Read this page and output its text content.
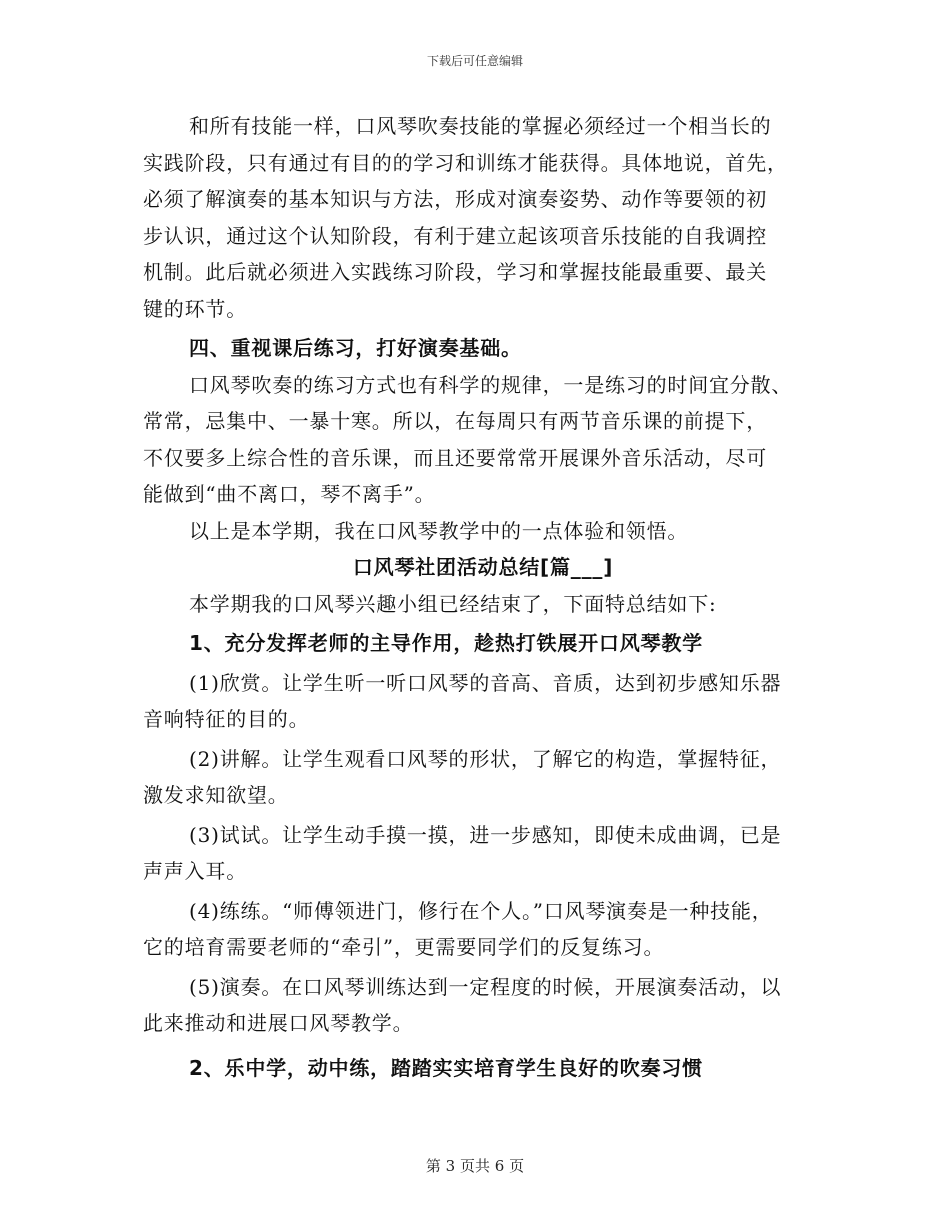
下载后可任意编辑
和所有技能一样，口风琴吹奏技能的掌握必须经过一个相当长的
实践阶段，只有通过有目的的学习和训练才能获得。具体地说，首先，
必须了解演奏的基本知识与方法，形成对演奏姿势、动作等要领的初
步认识，通过这个认知阶段，有利于建立起该项音乐技能的自我调控
机制。此后就必须进入实践练习阶段，学习和掌握技能最重要、最关
键的环节。
四、重视课后练习，打好演奏基础。
口风琴吹奏的练习方式也有科学的规律，一是练习的时间宜分散、
常常，忌集中、一暴十寒。所以，在每周只有两节音乐课的前提下，
不仅要多上综合性的音乐课，而且还要常常开展课外音乐活动，尽可
能做到“曲不离口，琴不离手”。
以上是本学期，我在口风琴教学中的一点体验和领悟。
口风琴社团活动总结[篇___]
本学期我的口风琴兴趣小组已经结束了，下面特总结如下:
1、充分发挥老师的主导作用，趁热打铁展开口风琴教学
(1)欣赏。让学生听一听口风琴的音高、音质，达到初步感知乐器
音响特征的目的。
(2)讲解。让学生观看口风琴的形状，了解它的构造，掌握特征，
激发求知欲望。
(3)试试。让学生动手摸一摸，进一步感知，即使未成曲调，已是
声声入耳。
(4)练练。“师傅领进门，修行在个人。”口风琴演奏是一种技能，
它的培育需要老师的“牵引”，更需要同学们的反复练习。
(5)演奏。在口风琴训练达到一定程度的时候，开展演奏活动，以
此来推动和进展口风琴教学。
2、乐中学，动中练，踏踏实实培育学生良好的吹奏习惯
第 3 页共 6 页
